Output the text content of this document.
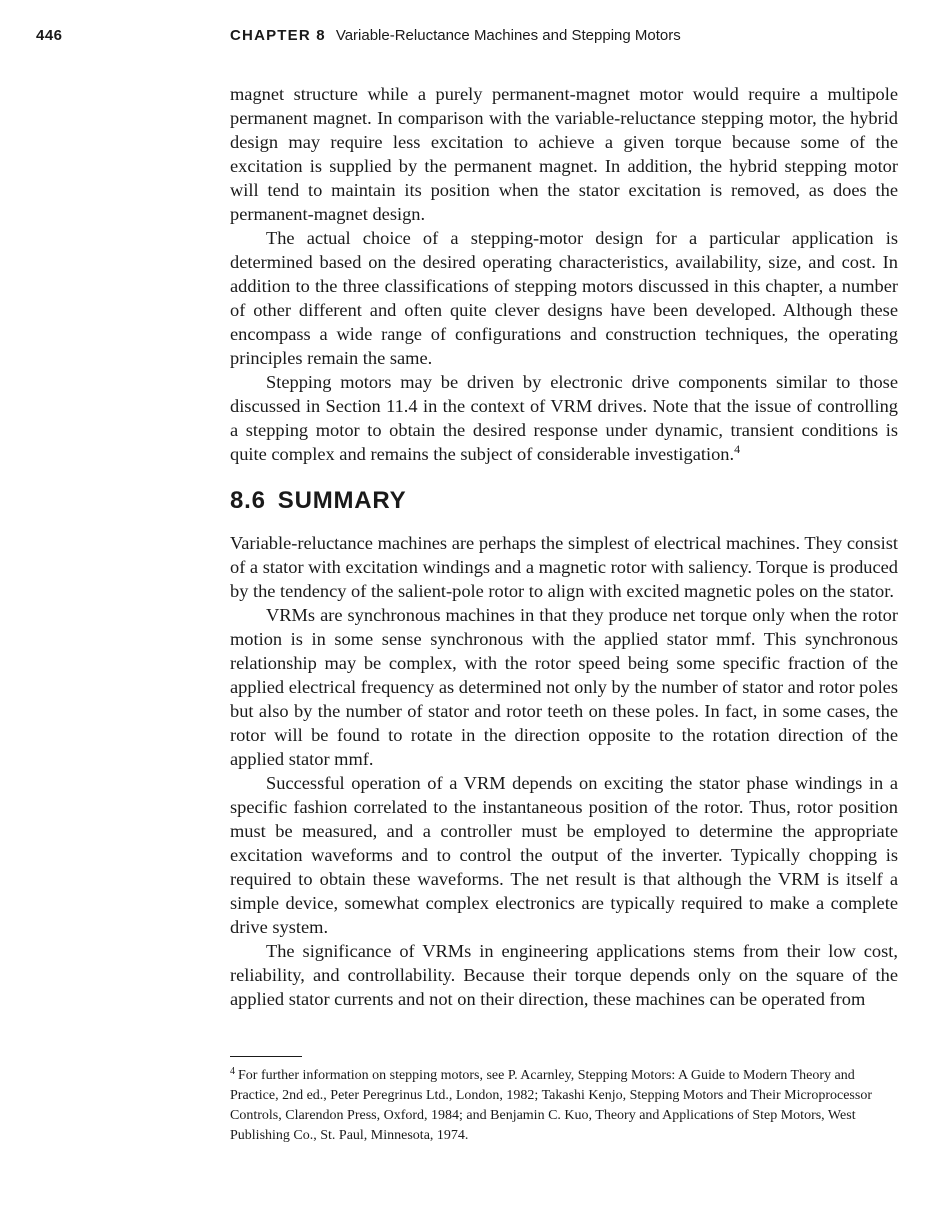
446	CHAPTER 8 Variable-Reluctance Machines and Stepping Motors

magnet structure while a purely permanent-magnet motor would require a multipole permanent magnet. In comparison with the variable-reluctance stepping motor, the hybrid design may require less excitation to achieve a given torque because some of the excitation is supplied by the permanent magnet. In addition, the hybrid stepping motor will tend to maintain its position when the stator excitation is removed, as does the permanent-magnet design.

The actual choice of a stepping-motor design for a particular application is determined based on the desired operating characteristics, availability, size, and cost. In addition to the three classifications of stepping motors discussed in this chapter, a number of other different and often quite clever designs have been developed. Although these encompass a wide range of configurations and construction techniques, the operating principles remain the same.

Stepping motors may be driven by electronic drive components similar to those discussed in Section 11.4 in the context of VRM drives. Note that the issue of controlling a stepping motor to obtain the desired response under dynamic, transient conditions is quite complex and remains the subject of considerable investigation.$^4$

8.6 SUMMARY

Variable-reluctance machines are perhaps the simplest of electrical machines. They consist of a stator with excitation windings and a magnetic rotor with saliency. Torque is produced by the tendency of the salient-pole rotor to align with excited magnetic poles on the stator.

VRMs are synchronous machines in that they produce net torque only when the rotor motion is in some sense synchronous with the applied stator mmf. This synchronous relationship may be complex, with the rotor speed being some specific fraction of the applied electrical frequency as determined not only by the number of stator and rotor poles but also by the number of stator and rotor teeth on these poles. In fact, in some cases, the rotor will be found to rotate in the direction opposite to the rotation direction of the applied stator mmf.

Successful operation of a VRM depends on exciting the stator phase windings in a specific fashion correlated to the instantaneous position of the rotor. Thus, rotor position must be measured, and a controller must be employed to determine the appropriate excitation waveforms and to control the output of the inverter. Typically chopping is required to obtain these waveforms. The net result is that although the VRM is itself a simple device, somewhat complex electronics are typically required to make a complete drive system.

The significance of VRMs in engineering applications stems from their low cost, reliability, and controllability. Because their torque depends only on the square of the applied stator currents and not on their direction, these machines can be operated from

$^4$ For further information on stepping motors, see P. Acarnley, Stepping Motors: A Guide to Modern Theory and Practice, 2nd ed., Peter Peregrinus Ltd., London, 1982; Takashi Kenjo, Stepping Motors and Their Microprocessor Controls, Clarendon Press, Oxford, 1984; and Benjamin C. Kuo, Theory and Applications of Step Motors, West Publishing Co., St. Paul, Minnesota, 1974.
